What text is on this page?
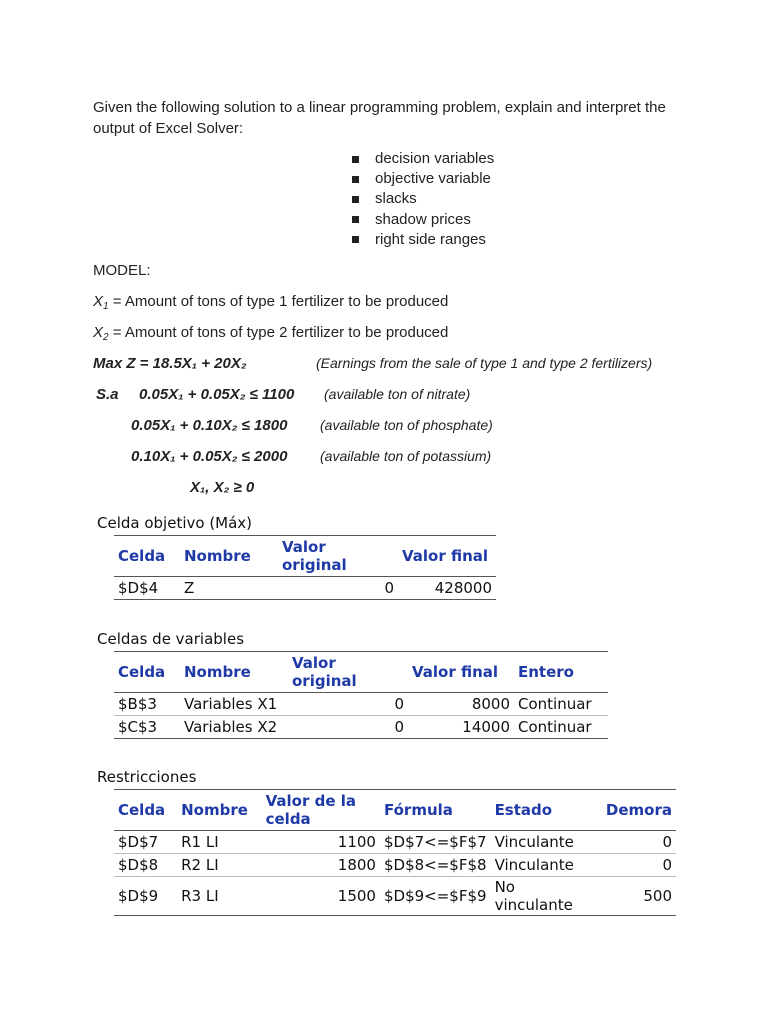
Given the following solution to a linear programming problem, explain and interpret the output of Excel Solver:
decision variables
objective variable
slacks
shadow prices
right side ranges
MODEL:
$X_1$ = Amount of tons of type 1 fertilizer to be produced
$X_2$ = Amount of tons of type 2 fertilizer to be produced
Max Z = 18.5X₁ + 20X₂	(Earnings from the sale of type 1 and type 2 fertilizers)
S.a 0.05X₁ + 0.05X₂ ≤ 1100 (available ton of nitrate)
0.05X₁ + 0.10X₂ ≤ 1800 (available ton of phosphate)
0.10X₁ + 0.05X₂ ≤ 2000 (available ton of potassium)
X₁, X₂ ≥ 0
Celda objetivo (Máx)
Celda	Nombre	Valor original	Valor final
$D$4	Z	0	428000
Celdas de variables
Celda	Nombre	Valor original	Valor final	Entero
$B$3	Variables X1	0	8000	Continuar
$C$3	Variables X2	0	14000	Continuar
Restricciones
Celda	Nombre	Valor de la celda	Fórmula	Estado	Demora
$D$7	R1 LI	1100	$D$7<=$F$7	Vinculante	0
$D$8	R2 LI	1800	$D$8<=$F$8	Vinculante	0
$D$9	R3 LI	1500	$D$9<=$F$9	No vinculante	500
